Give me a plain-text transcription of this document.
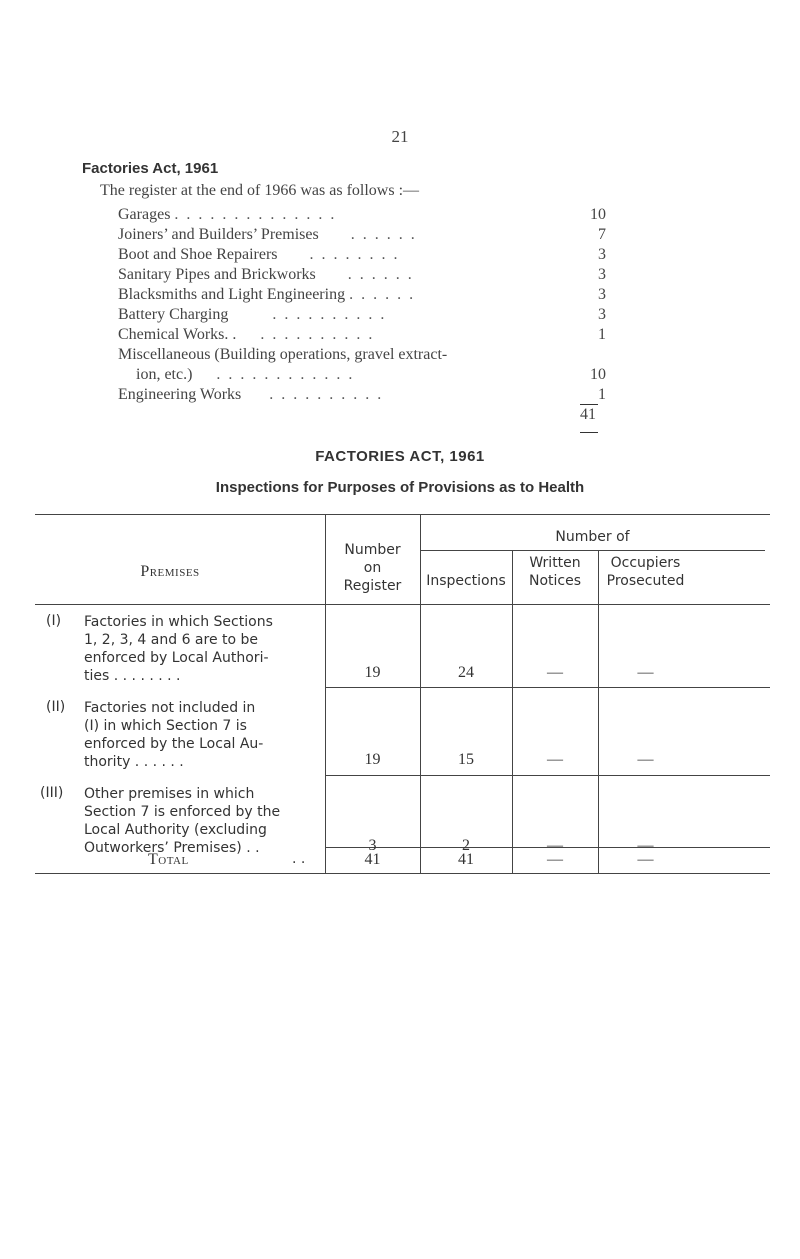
21
Factories Act, 1961
The register at the end of 1966 was as follows :—
Garages . . . . . . . . . . . . . .	10
Joiners’ and Builders’ Premises . . . . . .	7
Boot and Shoe Repairers . . . . . . . .	3
Sanitary Pipes and Brickworks . . . . . .	3
Blacksmiths and Light Engineering . . . . . .	3
Battery Charging	. . . . . . . . . .	3
Chemical Works. . . . . . . . . . . .	1
Miscellaneous (Building operations, gravel extract-
ion, etc.) . . . . . . . . . . . .	10
Engineering Works . . . . . . . . . .	1
41
FACTORIES ACT, 1961
Inspections for Purposes of Provisions as to Health
Premises
Number
on
Register
Number of
Inspections
Written
Notices
Occupiers
Prosecuted
(I) Factories in which Sections
1, 2, 3, 4 and 6 are to be
enforced by Local Authori-
ties . . . . . . . .	19	24	—	—
(II) Factories not included in
(I) in which Section 7 is
enforced by the Local Au-
thority . . . . . .	19	15	—	—
(III) Other premises in which
Section 7 is enforced by the
Local Authority (excluding
Outworkers’ Premises) . .	3	2	—	—
Total	. .	41	41	—	—
